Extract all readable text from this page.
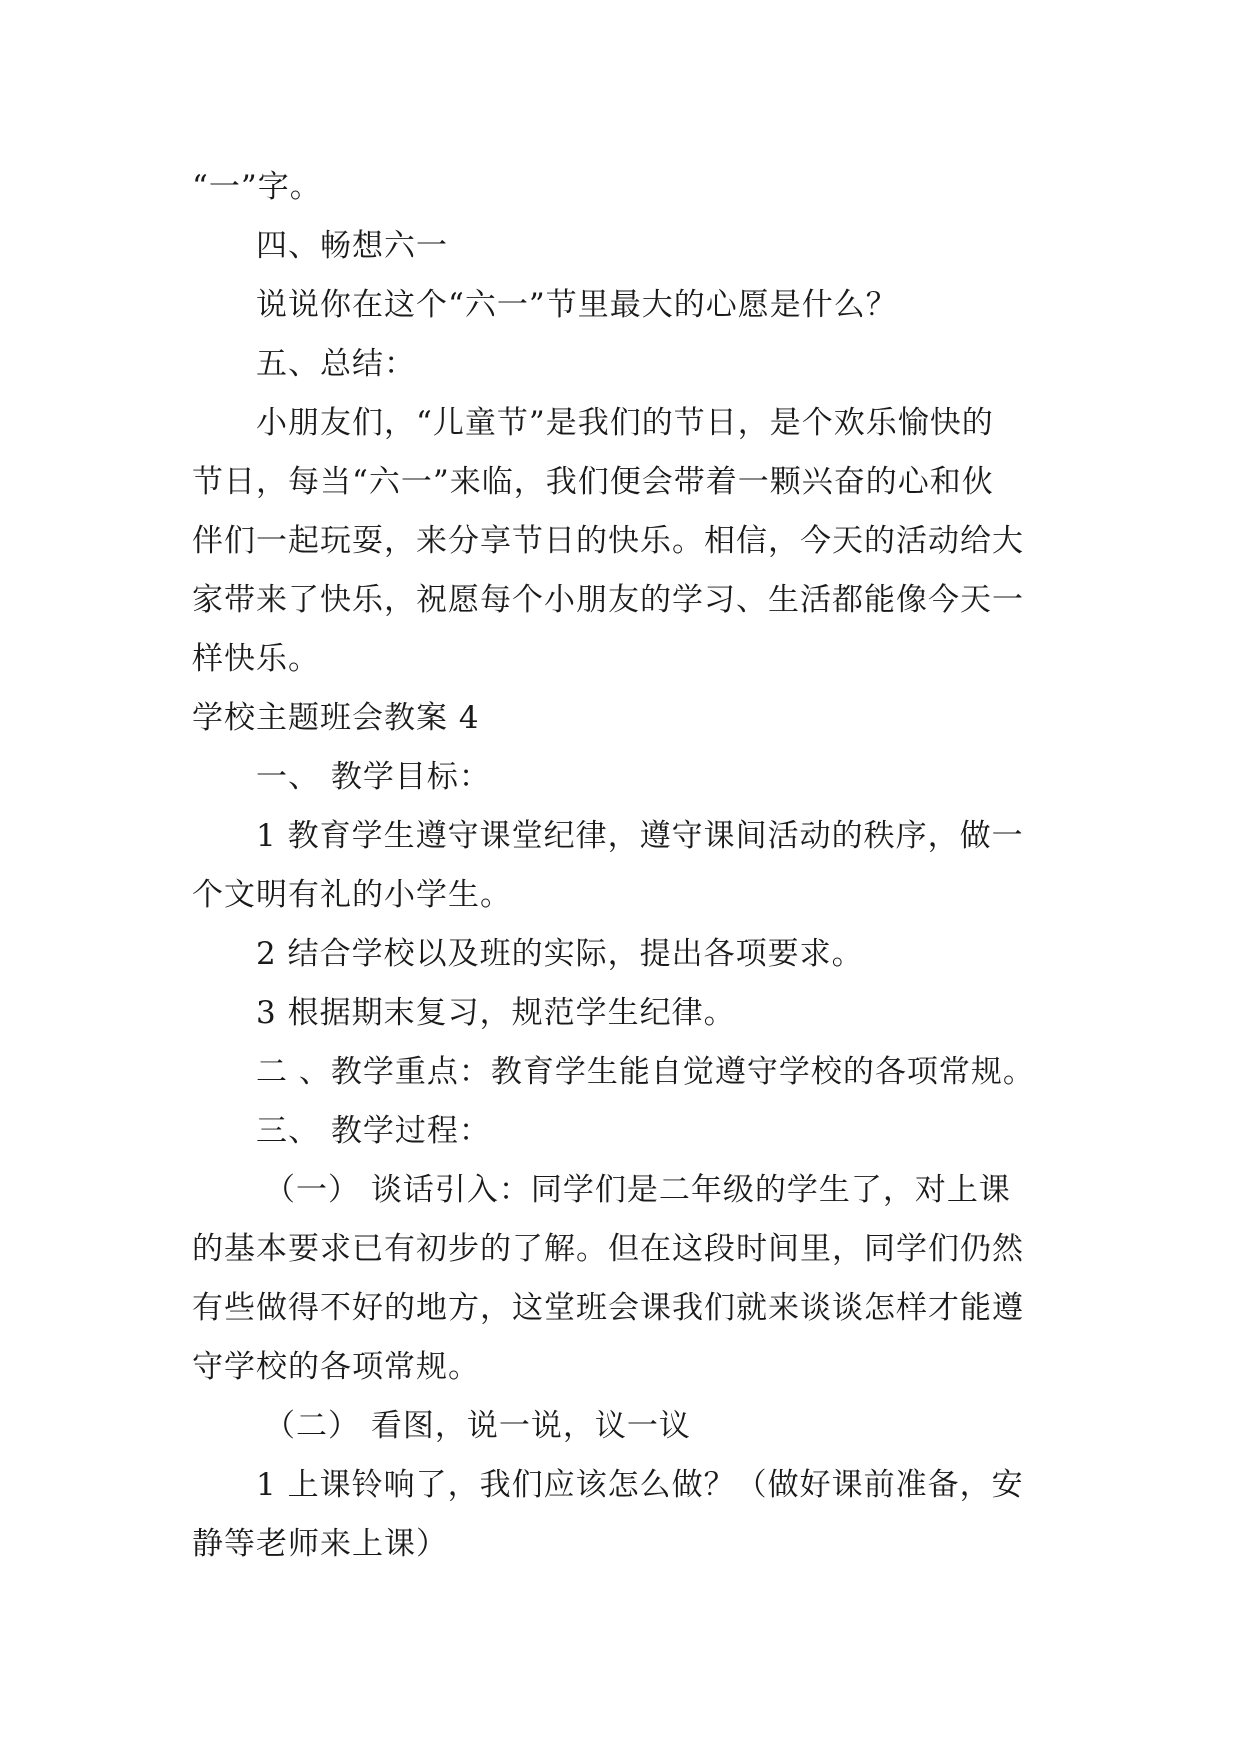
“一”字。
四、畅想六一
说说你在这个“六一”节里最大的心愿是什么？
五、总结：
小朋友们，“儿童节”是我们的节日，是个欢乐愉快的
节日，每当“六一”来临，我们便会带着一颗兴奋的心和伙
伴们一起玩耍，来分享节日的快乐。相信，今天的活动给大
家带来了快乐，祝愿每个小朋友的学习、生活都能像今天一
样快乐。
学校主题班会教案 4
一、 教学目标：
1 教育学生遵守课堂纪律，遵守课间活动的秩序，做一
个文明有礼的小学生。
2 结合学校以及班的实际，提出各项要求。
3 根据期末复习，规范学生纪律。
二 、教学重点：教育学生能自觉遵守学校的各项常规。
三、 教学过程：
（一） 谈话引入：同学们是二年级的学生了，对上课
的基本要求已有初步的了解。但在这段时间里，同学们仍然
有些做得不好的地方，这堂班会课我们就来谈谈怎样才能遵
守学校的各项常规。
（二） 看图，说一说，议一议
1 上课铃响了，我们应该怎么做？（做好课前准备，安
静等老师来上课）
